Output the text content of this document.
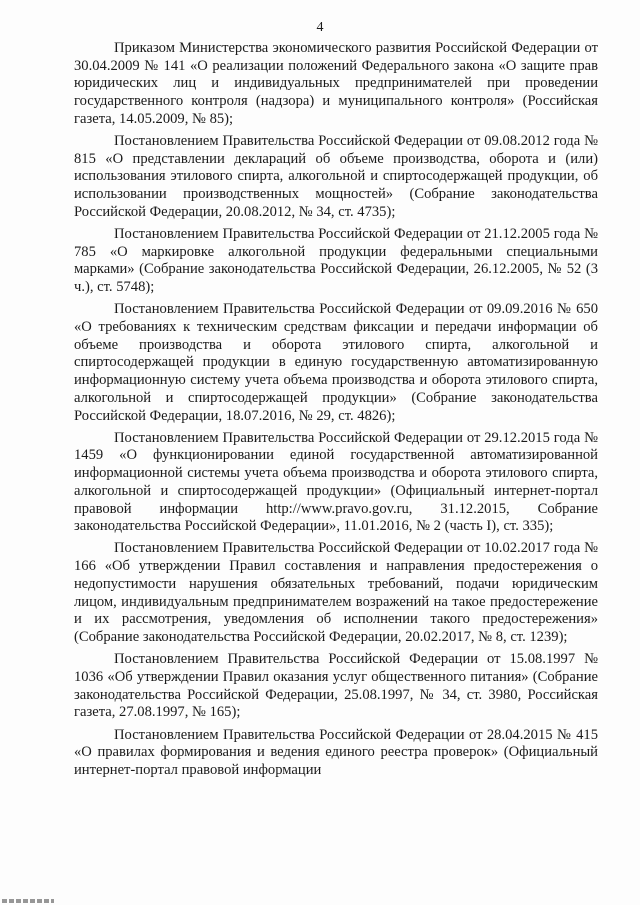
4

Приказом Министерства экономического развития Российской Федерации от 30.04.2009 № 141 «О реализации положений Федерального закона «О защите прав юридических лиц и индивидуальных предпринимателей при проведении государственного контроля (надзора) и муниципального контроля» (Российская газета, 14.05.2009, № 85);

Постановлением Правительства Российской Федерации от 09.08.2012 года № 815 «О представлении деклараций об объеме производства, оборота и (или) использования этилового спирта, алкогольной и спиртосодержащей продукции, об использовании производственных мощностей» (Собрание законодательства Российской Федерации, 20.08.2012, № 34, ст. 4735);

Постановлением Правительства Российской Федерации от 21.12.2005 года № 785 «О маркировке алкогольной продукции федеральными специальными марками» (Собрание законодательства Российской Федерации, 26.12.2005, № 52 (3 ч.), ст. 5748);

Постановлением Правительства Российской Федерации от 09.09.2016 № 650 «О требованиях к техническим средствам фиксации и передачи информации об объеме производства и оборота этилового спирта, алкогольной и спиртосодержащей продукции в единую государственную автоматизированную информационную систему учета объема производства и оборота этилового спирта, алкогольной и спиртосодержащей продукции» (Собрание законодательства Российской Федерации, 18.07.2016, № 29, ст. 4826);

Постановлением Правительства Российской Федерации от 29.12.2015 года № 1459 «О функционировании единой государственной автоматизированной информационной системы учета объема производства и оборота этилового спирта, алкогольной и спиртосодержащей продукции» (Официальный интернет-портал правовой информации http://www.pravo.gov.ru, 31.12.2015, Собрание законодательства Российской Федерации», 11.01.2016, № 2 (часть I), ст. 335);

Постановлением Правительства Российской Федерации от 10.02.2017 года № 166 «Об утверждении Правил составления и направления предостережения о недопустимости нарушения обязательных требований, подачи юридическим лицом, индивидуальным предпринимателем возражений на такое предостережение и их рассмотрения, уведомления об исполнении такого предостережения» (Собрание законодательства Российской Федерации, 20.02.2017, № 8, ст. 1239);

Постановлением Правительства Российской Федерации от 15.08.1997 № 1036 «Об утверждении Правил оказания услуг общественного питания» (Собрание законодательства Российской Федерации, 25.08.1997, № 34, ст. 3980, Российская газета, 27.08.1997, № 165);

Постановлением Правительства Российской Федерации от 28.04.2015 № 415 «О правилах формирования и ведения единого реестра проверок» (Официальный интернет-портал правовой информации
